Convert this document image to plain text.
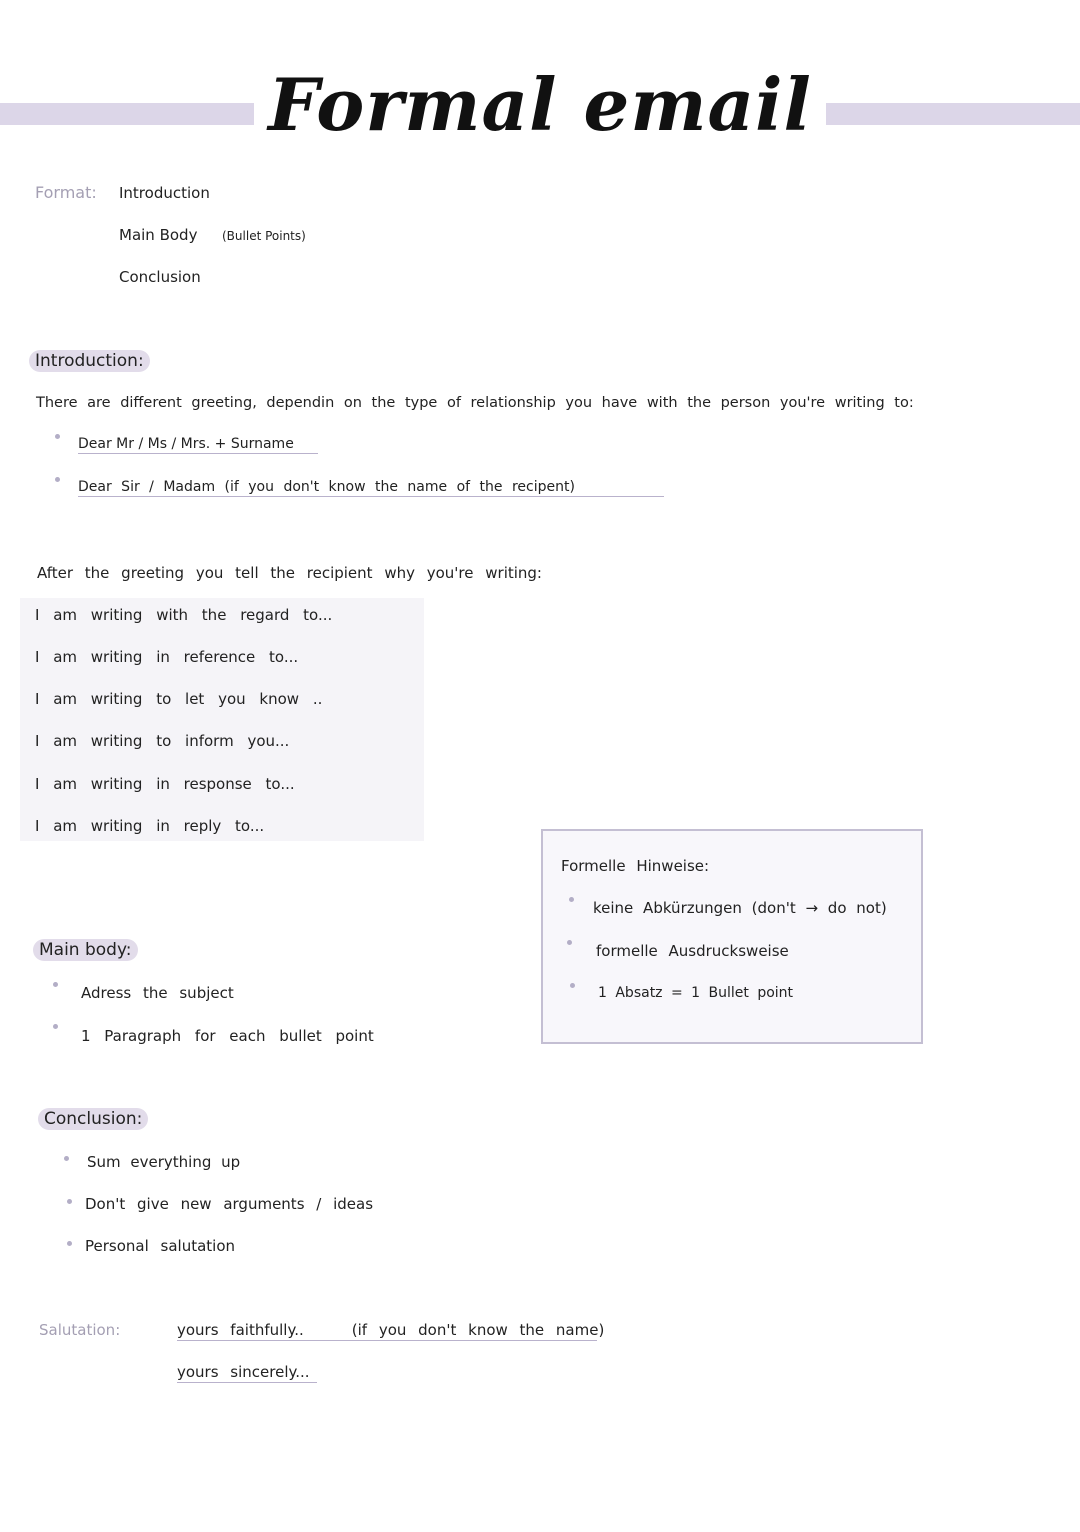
Formal email
Format: Introduction
Main Body (Bullet Points)
Conclusion
Introduction:
There are different greeting, dependin on the type of relationship you have with the person you're writing to:
Dear Mr / Ms / Mrs. + Surname
Dear Sir / Madam (if you don't know the name of the recipent)
After the greeting you tell the recipient why you're writing:
I am writing with the regard to...
I am writing in reference to...
I am writing to let you know ..
I am writing to inform you...
I am writing in response to...
I am writing in reply to...
Formelle Hinweise:
keine Abkürzungen (don't → do not)
formelle Ausdrucksweise
1 Absatz = 1 Bullet point
Main body:
Adress the subject
1 Paragraph for each bullet point
Conclusion:
Sum everything up
Don't give new arguments / ideas
Personal salutation
Salutation:	yours faithfully..	(if you don't know the name)
yours sincerely...
